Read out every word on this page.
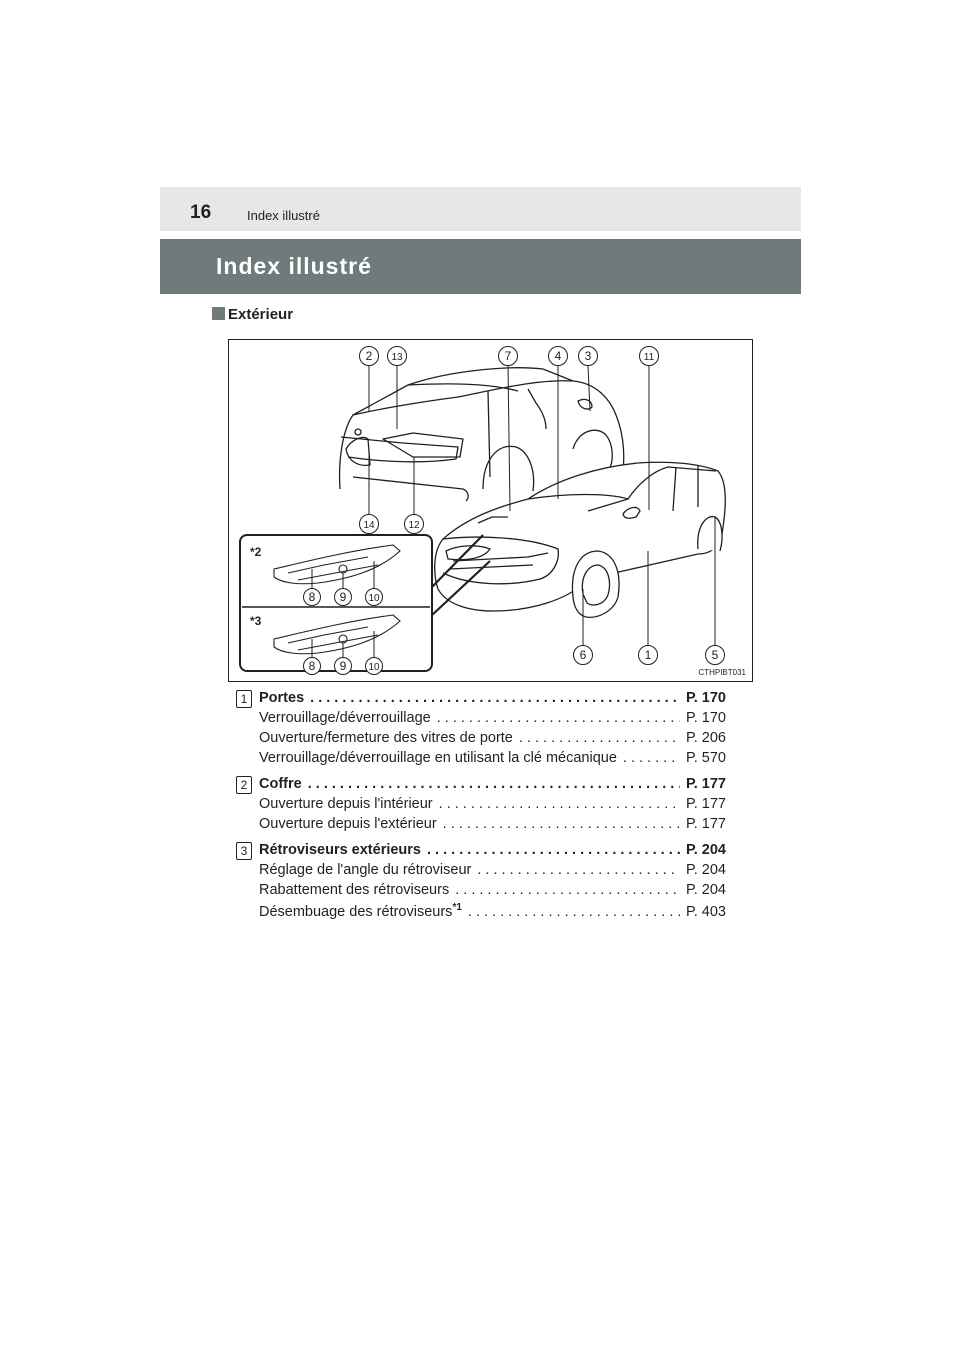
16	Index illustré
Index illustré
Extérieur
2 13	7	4 3	11
14	12
6	1	5
8 9 10
8 9 10
*2
*3
CTHPIBT031
1 Portes . . .	P. 170
Verrouillage/déverrouillage . . .	P. 170
Ouverture/fermeture des vitres de porte . . .	P. 206
Verrouillage/déverrouillage en utilisant la clé mécanique . . .	P. 570
2 Coffre . . .	P. 177
Ouverture depuis l'intérieur . . .	P. 177
Ouverture depuis l'extérieur . . .	P. 177
3 Rétroviseurs extérieurs . . .	P. 204
Réglage de l'angle du rétroviseur . . .	P. 204
Rabattement des rétroviseurs . . .	P. 204
Désembuage des rétroviseurs$^{*1}$ . . .	P. 403
